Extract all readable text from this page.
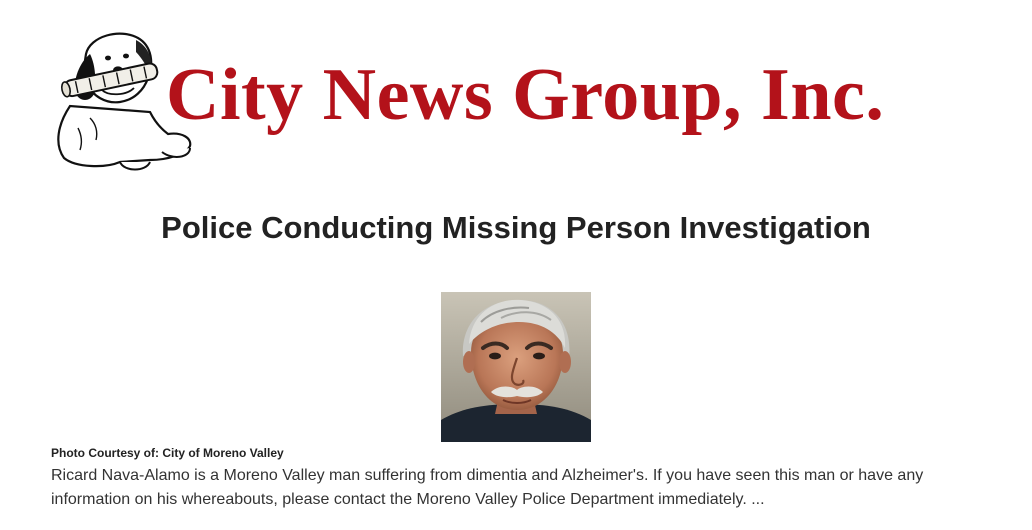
City News Group, Inc.
Police Conducting Missing Person Investigation
Photo Courtesy of: City of Moreno Valley

Ricard Nava-Alamo is a Moreno Valley man suffering from dimentia and Alzheimer's. If you have seen this man or have any information on his whereabouts, please contact the Moreno Valley Police Department immediately. ...
